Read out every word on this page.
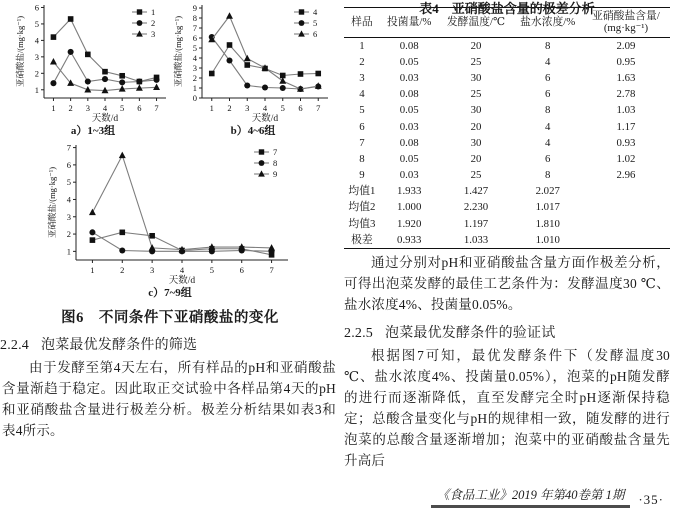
1
2
3
4
5
6
1 2 3 4 5 6 7
亚硝酸盐/(mg·kg⁻¹)
天数/d
1
2
3
a）1~3组
0
1
2
3
4
5
6
7
8
9
1 2 3 4 5 6 7
亚硝酸盐/(mg·kg⁻¹)
天数/d
4
5
6
b）4~6组
1
2
3
4
5
6
7
1	2	3	4	5	6	7
亚硝酸盐/(mg·kg⁻¹)
天数/d
7
8
9
c）7~9组
图6　不同条件下亚硝酸盐的变化
2.2.4 泡菜最优发酵条件的筛选

由于发酵至第4天左右，所有样品的pH和亚硝酸盐含量渐趋于稳定。因此取正交试验中各样品第4天的pH和亚硝酸盐含量进行极差分析。极差分析结果如表3和表4所示。

表4　亚硝酸盐含量的极差分析
样品	投菌量/%	发酵温度/℃	盐水浓度/%	亚硝酸盐含量/
(mg·kg⁻¹)

1	0.08	20	8	2.09
2	0.05	25	4	0.95
3	0.03	30	6	1.63
4	0.08	25	6	2.78
5	0.05	30	8	1.03
6	0.03	20	4	1.17
7	0.08	30	4	0.93
8	0.05	20	6	1.02
9	0.03	25	8	2.96
均值1	1.933	1.427	2.027	
均值2	1.000	2.230	1.017	
均值3	1.920	1.197	1.810	
极差	0.933	1.033	1.010	

通过分别对pH和亚硝酸盐含量方面作极差分析，可得出泡菜发酵的最佳工艺条件为：发酵温度30 ℃、盐水浓度4%、投菌量0.05%。

2.2.5 泡菜最优发酵条件的验证试

根据图7可知，最优发酵条件下（发酵温度30 ℃、盐水浓度4%、投菌量0.05%），泡菜的pH随发酵的进行而逐渐降低，直至发酵完全时pH逐渐保持稳定；总酸含量变化与pH的规律相一致，随发酵的进行泡菜的总酸含量逐渐增加；泡菜中的亚硝酸盐含量先升高后

《食品工业》2019 年第40卷第 1期	·35·
